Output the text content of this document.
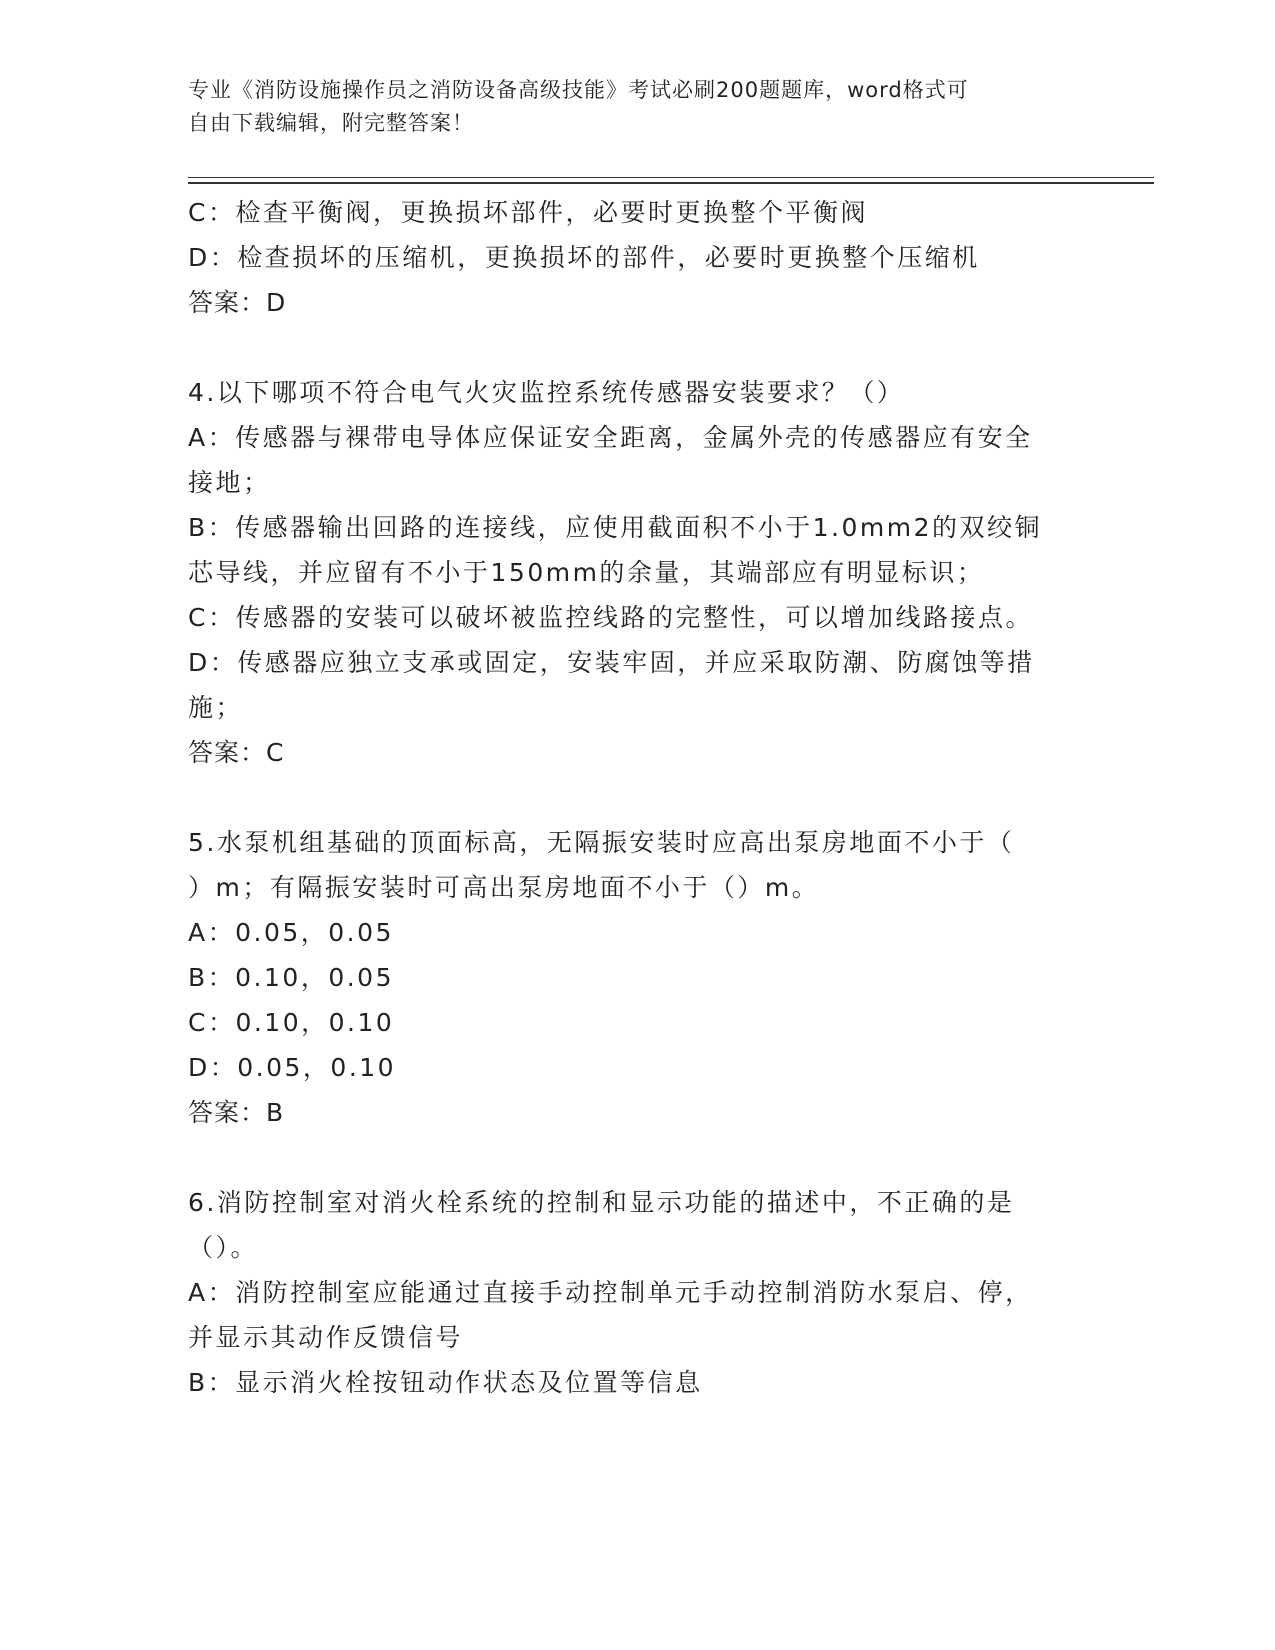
专业《消防设施操作员之消防设备高级技能》考试必刷200题题库，word格式可
自由下载编辑，附完整答案！
C：检查平衡阀，更换损坏部件，必要时更换整个平衡阀
D：检查损坏的压缩机，更换损坏的部件，必要时更换整个压缩机
答案：D
4.以下哪项不符合电气火灾监控系统传感器安装要求？（）
A：传感器与裸带电导体应保证安全距离，金属外壳的传感器应有安全
接地；
B：传感器输出回路的连接线，应使用截面积不小于1.0mm2的双绞铜
芯导线，并应留有不小于150mm的余量，其端部应有明显标识；
C：传感器的安装可以破坏被监控线路的完整性，可以增加线路接点。
D：传感器应独立支承或固定，安装牢固，并应采取防潮、防腐蚀等措
施；
答案：C
5.水泵机组基础的顶面标高，无隔振安装时应高出泵房地面不小于（
）m；有隔振安装时可高出泵房地面不小于（）m。
A：0.05，0.05
B：0.10，0.05
C：0.10，0.10
D：0.05，0.10
答案：B
6.消防控制室对消火栓系统的控制和显示功能的描述中，不正确的是
（）。
A：消防控制室应能通过直接手动控制单元手动控制消防水泵启、停，
并显示其动作反馈信号
B：显示消火栓按钮动作状态及位置等信息
